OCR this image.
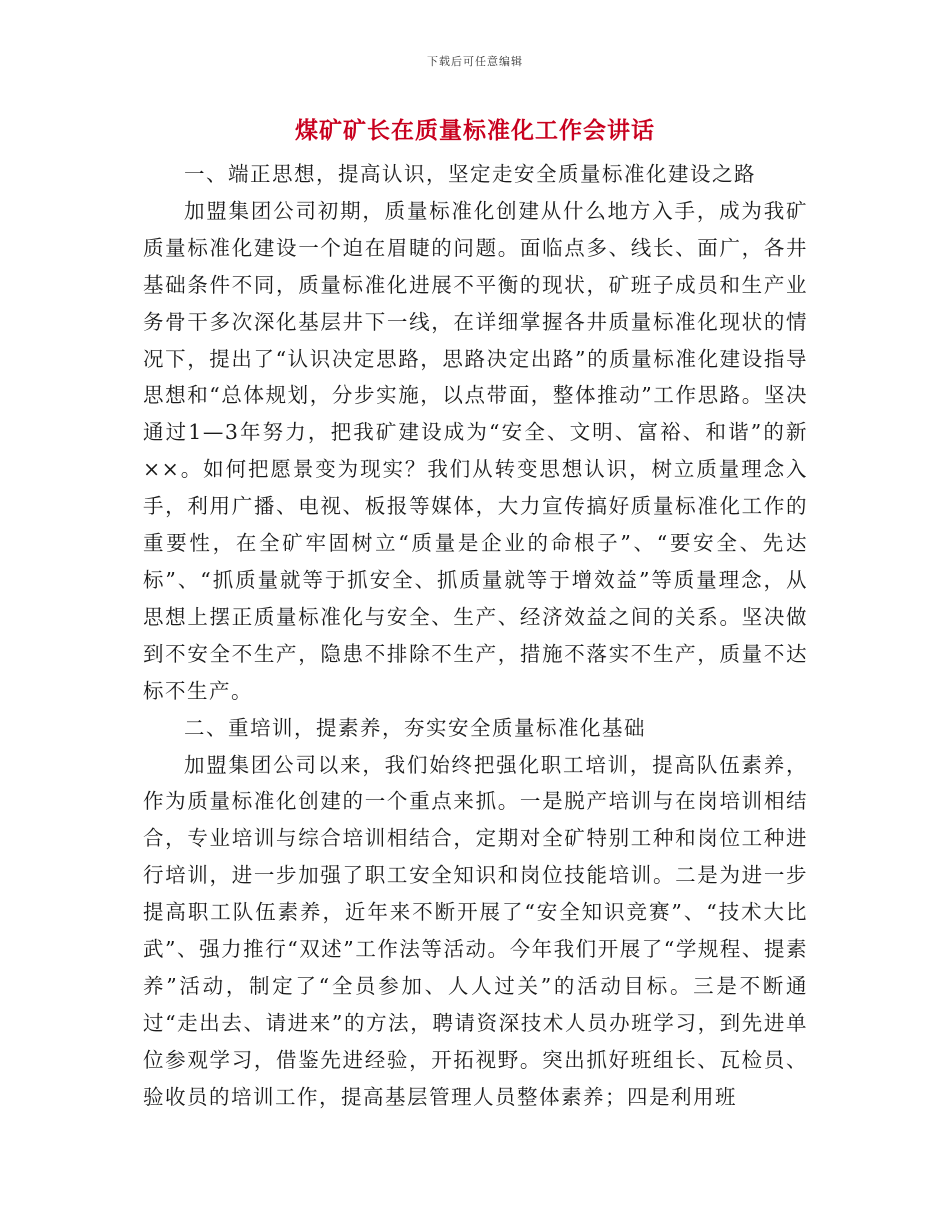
下载后可任意编辑
煤矿矿长在质量标准化工作会讲话

一、端正思想，提高认识，坚定走安全质量标准化建设之路

加盟集团公司初期，质量标准化创建从什么地方入手，成为我矿质量标准化建设一个迫在眉睫的问题。面临点多、线长、面广，各井基础条件不同，质量标准化进展不平衡的现状，矿班子成员和生产业务骨干多次深化基层井下一线，在详细掌握各井质量标准化现状的情况下，提出了“认识决定思路，思路决定出路”的质量标准化建设指导思想和“总体规划，分步实施，以点带面，整体推动”工作思路。坚决通过1—3年努力，把我矿建设成为“安全、文明、富裕、和谐”的新××。如何把愿景变为现实？我们从转变思想认识，树立质量理念入手，利用广播、电视、板报等媒体，大力宣传搞好质量标准化工作的重要性，在全矿牢固树立“质量是企业的命根子”、“要安全、先达标”、“抓质量就等于抓安全、抓质量就等于增效益”等质量理念，从思想上摆正质量标准化与安全、生产、经济效益之间的关系。坚决做到不安全不生产，隐患不排除不生产，措施不落实不生产，质量不达标不生产。

二、重培训，提素养，夯实安全质量标准化基础

加盟集团公司以来，我们始终把强化职工培训，提高队伍素养，作为质量标准化创建的一个重点来抓。一是脱产培训与在岗培训相结合，专业培训与综合培训相结合，定期对全矿特别工种和岗位工种进行培训，进一步加强了职工安全知识和岗位技能培训。二是为进一步提高职工队伍素养，近年来不断开展了“安全知识竞赛”、“技术大比武”、强力推行“双述”工作法等活动。今年我们开展了“学规程、提素养”活动，制定了“全员参加、人人过关”的活动目标。三是不断通过“走出去、请进来”的方法，聘请资深技术人员办班学习，到先进单位参观学习，借鉴先进经验，开拓视野。突出抓好班组长、瓦检员、验收员的培训工作，提高基层管理人员整体素养；四是利用班
